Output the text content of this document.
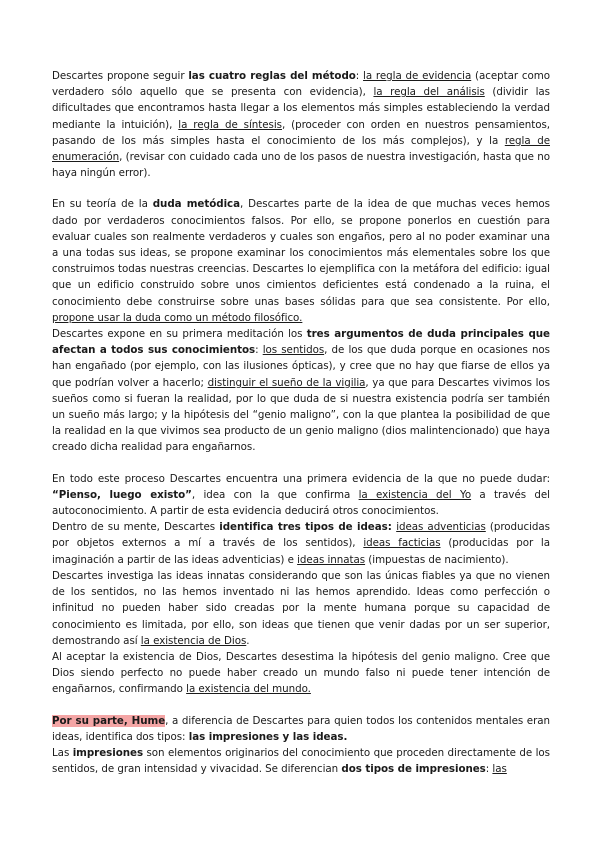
Descartes propone seguir las cuatro reglas del método: la regla de evidencia (aceptar como verdadero sólo aquello que se presenta con evidencia), la regla del análisis (dividir las dificultades que encontramos hasta llegar a los elementos más simples estableciendo la verdad mediante la intuición), la regla de síntesis, (proceder con orden en nuestros pensamientos, pasando de los más simples hasta el conocimiento de los más complejos), y la regla de enumeración, (revisar con cuidado cada uno de los pasos de nuestra investigación, hasta que no haya ningún error).

En su teoría de la duda metódica, Descartes parte de la idea de que muchas veces hemos dado por verdaderos conocimientos falsos. Por ello, se propone ponerlos en cuestión para evaluar cuales son realmente verdaderos y cuales son engaños, pero al no poder examinar una a una todas sus ideas, se propone examinar los conocimientos más elementales sobre los que construimos todas nuestras creencias. Descartes lo ejemplifica con la metáfora del edificio: igual que un edificio construido sobre unos cimientos deficientes está condenado a la ruina, el conocimiento debe construirse sobre unas bases sólidas para que sea consistente. Por ello, propone usar la duda como un método filosófico.

Descartes expone en su primera meditación los tres argumentos de duda principales que afectan a todos sus conocimientos: los sentidos, de los que duda porque en ocasiones nos han engañado (por ejemplo, con las ilusiones ópticas), y cree que no hay que fiarse de ellos ya que podrían volver a hacerlo; distinguir el sueño de la vigilia, ya que para Descartes vivimos los sueños como si fueran la realidad, por lo que duda de si nuestra existencia podría ser también un sueño más largo; y la hipótesis del “genio maligno”, con la que plantea la posibilidad de que la realidad en la que vivimos sea producto de un genio maligno (dios malintencionado) que haya creado dicha realidad para engañarnos.

En todo este proceso Descartes encuentra una primera evidencia de la que no puede dudar: “Pienso, luego existo”, idea con la que confirma la existencia del Yo a través del autoconocimiento. A partir de esta evidencia deducirá otros conocimientos.

Dentro de su mente, Descartes identifica tres tipos de ideas: ideas adventicias (producidas por objetos externos a mí a través de los sentidos), ideas facticias (producidas por la imaginación a partir de las ideas adventicias) e ideas innatas (impuestas de nacimiento).

Descartes investiga las ideas innatas considerando que son las únicas fiables ya que no vienen de los sentidos, no las hemos inventado ni las hemos aprendido. Ideas como perfección o infinitud no pueden haber sido creadas por la mente humana porque su capacidad de conocimiento es limitada, por ello, son ideas que tienen que venir dadas por un ser superior, demostrando así la existencia de Dios.

Al aceptar la existencia de Dios, Descartes desestima la hipótesis del genio maligno. Cree que Dios siendo perfecto no puede haber creado un mundo falso ni puede tener intención de engañarnos, confirmando la existencia del mundo.

Por su parte, Hume, a diferencia de Descartes para quien todos los contenidos mentales eran ideas, identifica dos tipos: las impresiones y las ideas.

Las impresiones son elementos originarios del conocimiento que proceden directamente de los sentidos, de gran intensidad y vivacidad. Se diferencian dos tipos de impresiones: las
